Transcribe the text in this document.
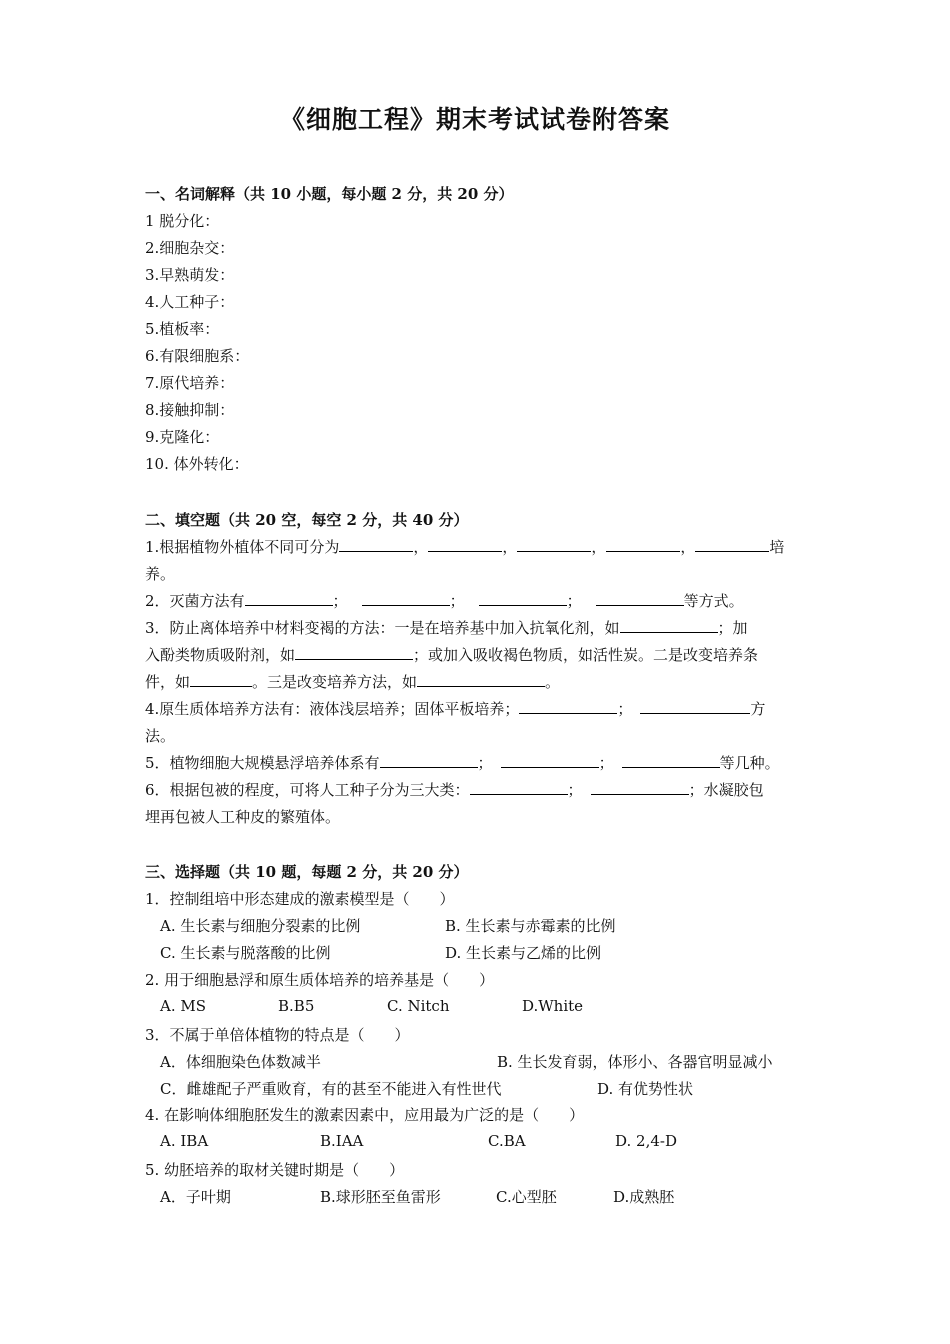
《细胞工程》期末考试试卷附答案
一、名词解释（共 10 小题，每小题 2 分，共 20 分）
1 脱分化：
2.细胞杂交：
3.早熟萌发：
4.人工种子：
5.植板率：
6.有限细胞系：
7.原代培养：
8.接触抑制：
9.克隆化：
10. 体外转化：
二、填空题（共 20 空，每空 2 分，共 40 分）
1.根据植物外植体不同可分为	，	，	，	，	培
养。
2．灭菌方法有	；	；	；	等方式。
3．防止离体培养中材料变褐的方法：一是在培养基中加入抗氧化剂，如	；加
入酚类物质吸附剂，如	；或加入吸收褐色物质，如活性炭。二是改变培养条
件，如	。三是改变培养方法，如	。
4.原生质体培养方法有：液体浅层培养；固体平板培养；	；	方
法。
5．植物细胞大规模悬浮培养体系有	；	；	等几种。
6．根据包被的程度，可将人工种子分为三大类：	；	；水凝胶包
埋再包被人工种皮的繁殖体。
三、选择题（共 10 题，每题 2 分，共 20 分）
1．控制组培中形态建成的激素模型是（　　）
A. 生长素与细胞分裂素的比例	B. 生长素与赤霉素的比例
C. 生长素与脱落酸的比例	D. 生长素与乙烯的比例
2. 用于细胞悬浮和原生质体培养的培养基是（　　）
A. MS	B.B5	C. Nitch	D.White
3．不属于单倍体植物的特点是（　　）
A．体细胞染色体数减半	B. 生长发育弱，体形小、各器官明显减小
C．雌雄配子严重败育，有的甚至不能进入有性世代	D. 有优势性状
4. 在影响体细胞胚发生的激素因素中，应用最为广泛的是（　　）
A. IBA	B.IAA	C.BA	D. 2,4-D
5. 幼胚培养的取材关键时期是（　　）
A．子叶期	B.球形胚至鱼雷形	C.心型胚	D.成熟胚
